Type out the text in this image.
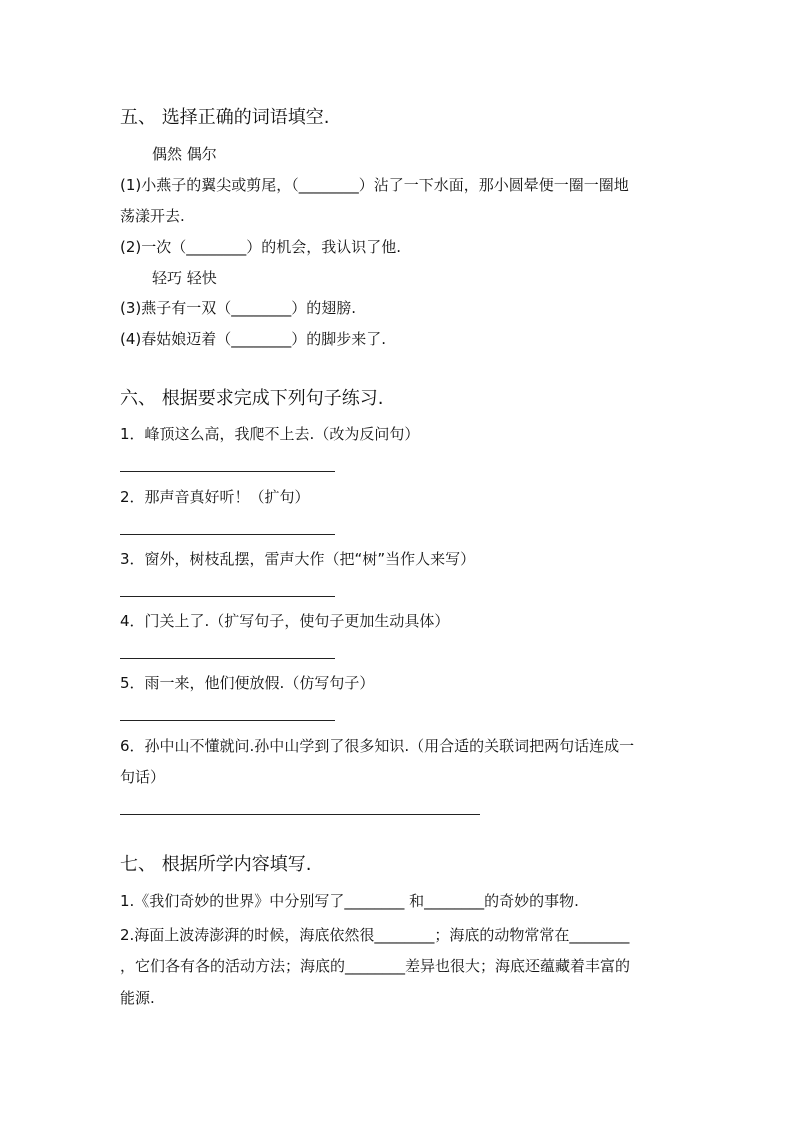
五、 选择正确的词语填空.
偶然 偶尔
(1)小燕子的翼尖或剪尾，（________）沾了一下水面，那小圆晕便一圈一圈地
荡漾开去.
(2)一次（________）的机会，我认识了他.
轻巧 轻快
(3)燕子有一双（________）的翅膀.
(4)春姑娘迈着（________）的脚步来了.
六、 根据要求完成下列句子练习.
1．峰顶这么高，我爬不上去.（改为反问句）
2．那声音真好听！（扩句）
3．窗外，树枝乱摆，雷声大作（把“树”当作人来写）
4．门关上了.（扩写句子，使句子更加生动具体）
5．雨一来，他们便放假.（仿写句子）
6．孙中山不懂就问.孙中山学到了很多知识.（用合适的关联词把两句话连成一
句话）
七、 根据所学内容填写.
1.《我们奇妙的世界》中分别写了________ 和________的奇妙的事物.
2.海面上波涛澎湃的时候，海底依然很________；海底的动物常常在________
，它们各有各的活动方法；海底的________差异也很大；海底还蕴藏着丰富的
能源.
